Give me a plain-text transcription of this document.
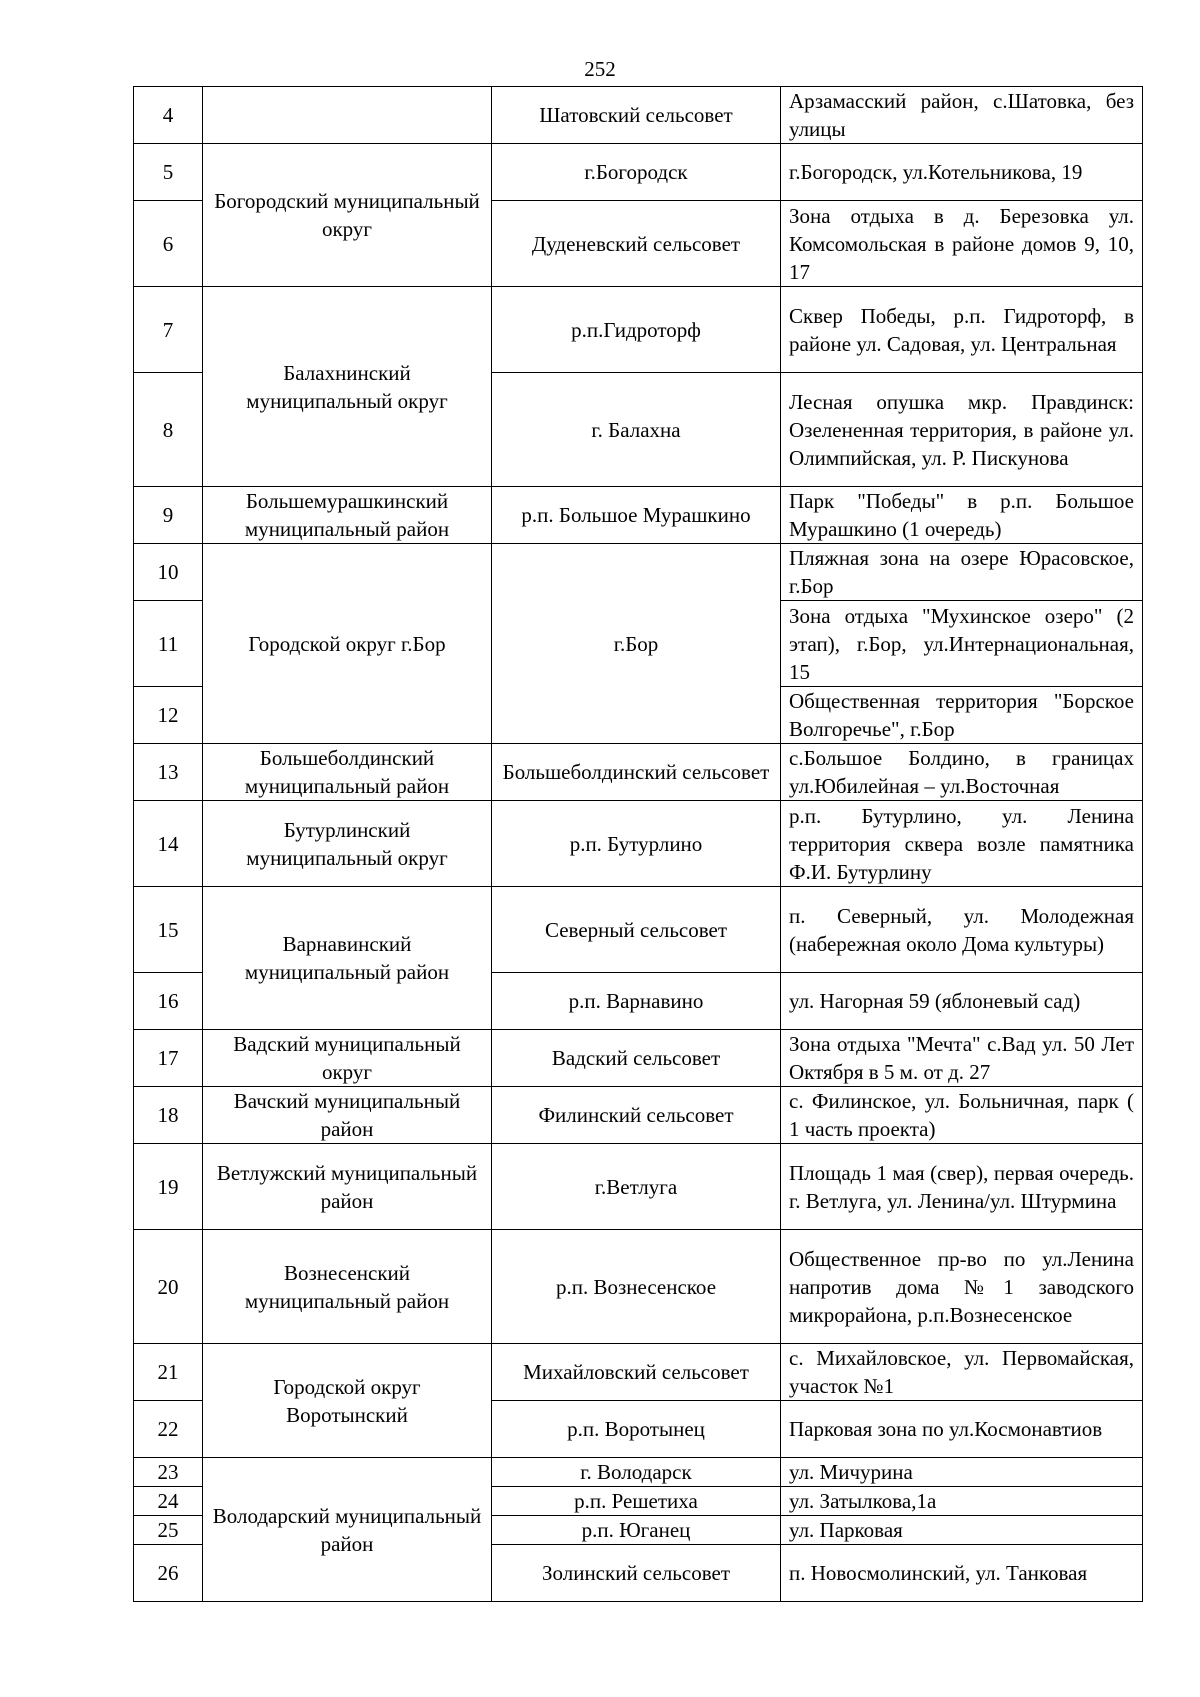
252
4		Шатовский сельсовет	Арзамасский район, с.Шатовка, без улицы
5	Богородский муниципальный округ	г.Богородск	г.Богородск, ул.Котельникова, 19
6		Дуденевский сельсовет	Зона отдыха в д. Березовка ул. Комсомольская в районе домов 9, 10, 17
7	Балахнинский муниципальный округ	р.п.Гидроторф	Сквер Победы, р.п. Гидроторф, в районе ул. Садовая, ул. Центральная
8		г. Балахна	Лесная опушка мкр. Правдинск: Озелененная территория, в районе ул. Олимпийская, ул. Р. Пискунова
9	Большемурашкинский муниципальный район	р.п. Большое Мурашкино	Парк "Победы" в р.п. Большое Мурашкино (1 очередь)
10	Городской округ г.Бор	г.Бор	Пляжная зона на озере Юрасовское, г.Бор
11			Зона отдыха "Мухинское озеро" (2 этап), г.Бор, ул.Интернациональная, 15
12			Общественная территория "Борское Волгоречье", г.Бор
13	Большеболдинский муниципальный район	Большеболдинский сельсовет	с.Большое Болдино, в границах ул.Юбилейная – ул.Восточная
14	Бутурлинский муниципальный округ	р.п. Бутурлино	р.п. Бутурлино, ул. Ленина территория сквера возле памятника Ф.И. Бутурлину
15	Варнавинский муниципальный район	Северный сельсовет	п. Северный, ул. Молодежная (набережная около Дома культуры)
16		р.п. Варнавино	ул. Нагорная 59 (яблоневый сад)
17	Вадский муниципальный округ	Вадский сельсовет	Зона отдыха "Мечта" с.Вад ул. 50 Лет Октября в 5 м. от д. 27
18	Вачский муниципальный район	Филинский сельсовет	с. Филинское, ул. Больничная, парк ( 1 часть проекта)
19	Ветлужский муниципальный район	г.Ветлуга	Площадь 1 мая (свер), первая очередь. г. Ветлуга, ул. Ленина/ул. Штурмина
20	Вознесенский муниципальный район	р.п. Вознесенское	Общественное пр-во по ул.Ленина напротив дома №1 заводского микрорайона, р.п.Вознесенское
21	Городской округ Воротынский	Михайловский сельсовет	с. Михайловское, ул. Первомайская, участок №1
22		р.п. Воротынец	Парковая зона по ул.Космонавтиов
23	Володарский муниципальный район	г. Володарск	ул. Мичурина
24		р.п. Решетиха	ул. Затылкова,1а
25		р.п. Юганец	ул. Парковая
26		Золинский сельсовет	п. Новосмолинский, ул. Танковая
